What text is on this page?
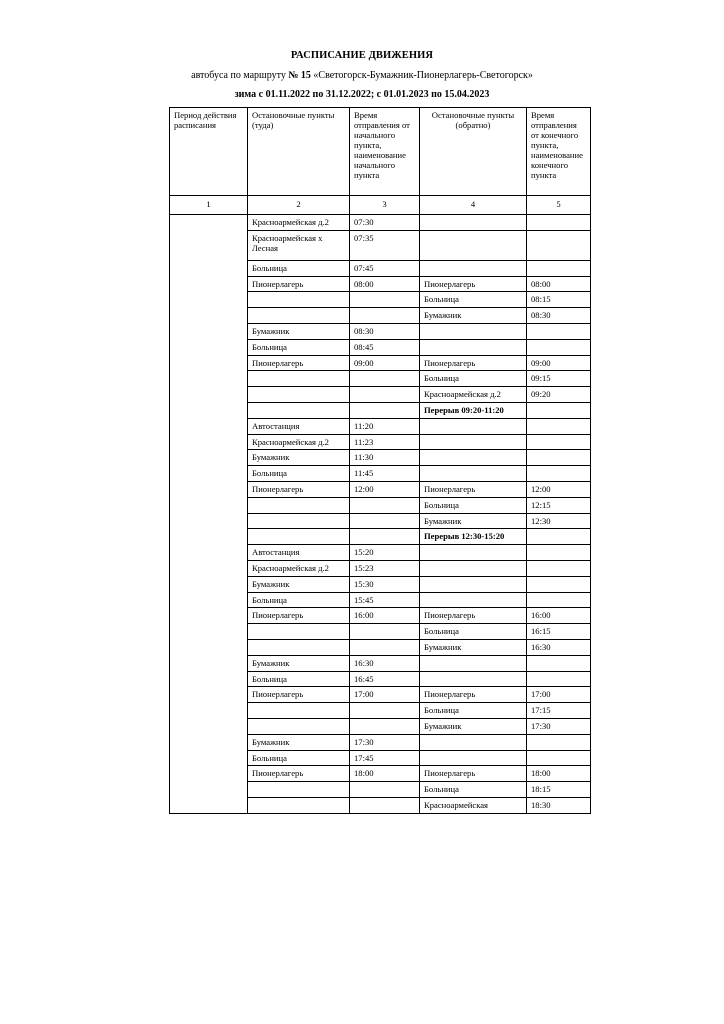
РАСПИСАНИЕ ДВИЖЕНИЯ
автобуса по маршруту № 15 «Светогорск-Бумажник-Пионерлагерь-Светогорск»
зима с 01.11.2022 по 31.12.2022; с 01.01.2023 по 15.04.2023
Период действия расписания	Остановочные пункты (туда)	Время отправления от начального пункта, наименование начального пункта	Остановочные пункты (обратно)	Время отправления от конечного пункта, наименование конечного пункта
1	2	3	4	5
	Красноармейская д.2	07:30		
	Красноармейская х Лесная	07:35		
	Больница	07:45		
	Пионерлагерь	08:00	Пионерлагерь	08:00
			Больница	08:15
			Бумажник	08:30
	Бумажник	08:30		
	Больница	08:45		
	Пионерлагерь	09:00	Пионерлагерь	09:00
			Больница	09:15
			Красноармейская д.2	09:20
			Перерыв 09:20-11:20	
	Автостанция	11:20		
	Красноармейская д.2	11:23		
	Бумажник	11:30		
	Больница	11:45		
	Пионерлагерь	12:00	Пионерлагерь	12:00
			Больница	12:15
			Бумажник	12:30
			Перерыв 12:30-15:20	
	Автостанция	15:20		
	Красноармейская д.2	15:23		
	Бумажник	15:30		
	Больница	15:45		
	Пионерлагерь	16:00	Пионерлагерь	16:00
			Больница	16:15
			Бумажник	16:30
	Бумажник	16:30		
	Больница	16:45		
	Пионерлагерь	17:00	Пионерлагерь	17:00
			Больница	17:15
			Бумажник	17:30
	Бумажник	17:30		
	Больница	17:45		
	Пионерлагерь	18:00	Пионерлагерь	18:00
			Больница	18:15
			Красноармейская	18:30
